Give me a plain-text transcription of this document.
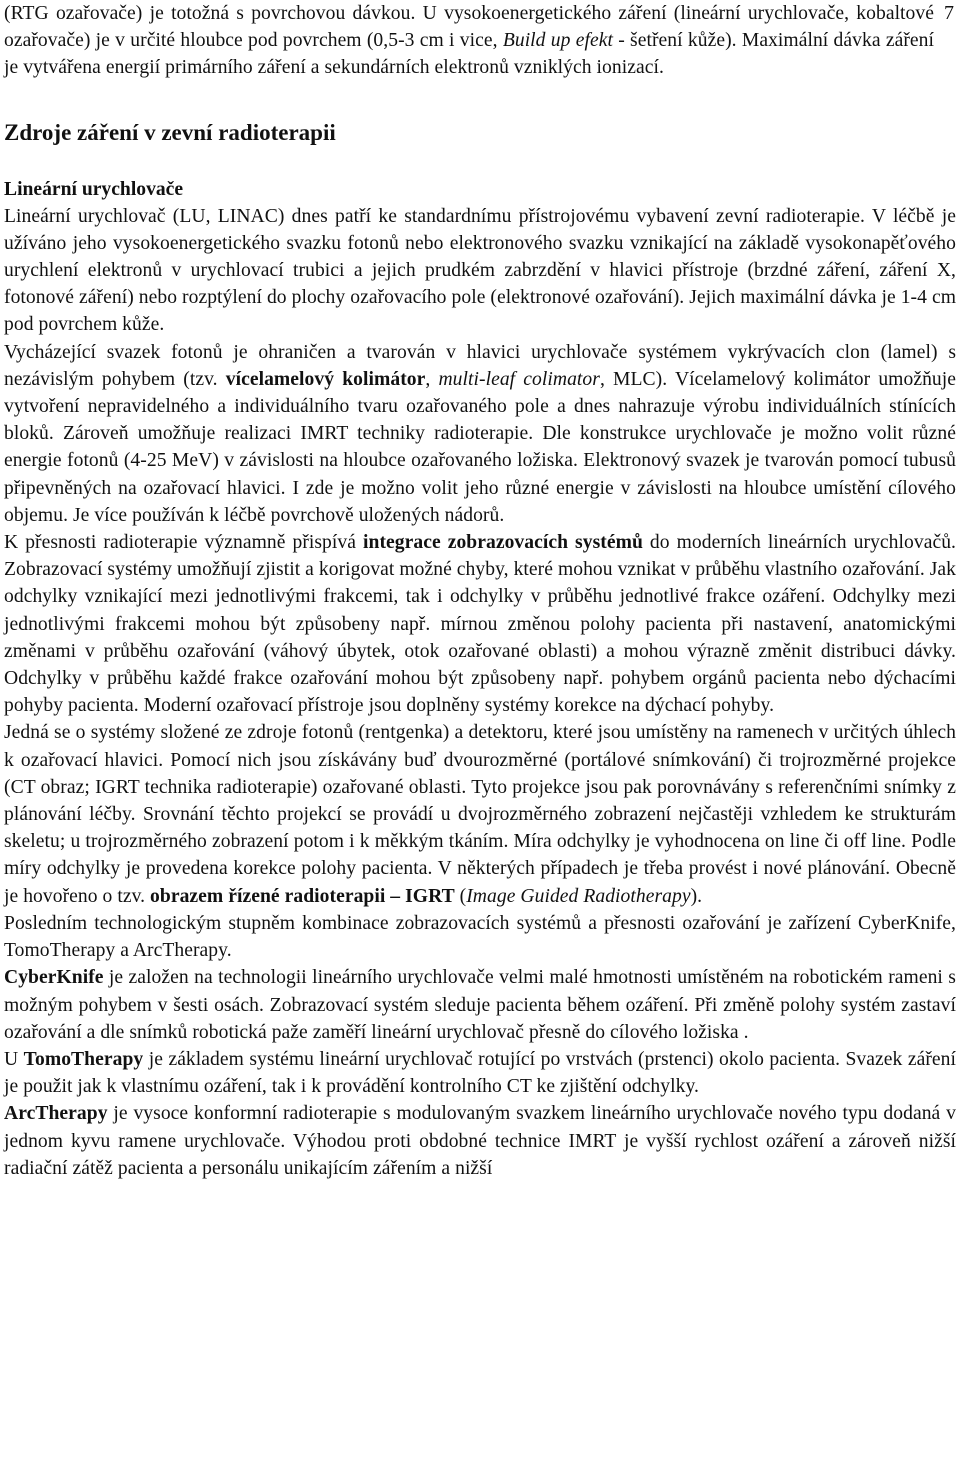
7

(RTG ozařovače) je totožná s povrchovou dávkou. U vysokoenergetického záření (lineární urychlovače, kobaltové ozařovače) je v určité hloubce pod povrchem (0,5-3 cm i vice, Build up efekt - šetření kůže). Maximální dávka záření je vytvářena energií primárního záření a sekundárních elektronů vzniklých ionizací.

Zdroje záření v zevní radioterapii
Lineární urychlovače

Lineární urychlovač (LU, LINAC) dnes patří ke standardnímu přístrojovému vybavení zevní radioterapie. V léčbě je užíváno jeho vysokoenergetického svazku fotonů nebo elektronového svazku vznikající na základě vysokonapěťového urychlení elektronů v urychlovací trubici a jejich prudkém zabrzdění v hlavici přístroje (brzdné záření, záření X, fotonové záření) nebo rozptýlení do plochy ozařovacího pole (elektronové ozařování). Jejich maximální dávka je 1-4 cm pod povrchem kůže.

Vycházející svazek fotonů je ohraničen a tvarován v hlavici urychlovače systémem vykrývacích clon (lamel) s nezávislým pohybem (tzv. vícelamelový kolimátor, multi-leaf colimator, MLC). Vícelamelový kolimátor umožňuje vytvoření nepravidelného a individuálního tvaru ozařovaného pole a dnes nahrazuje výrobu individuálních stínících bloků. Zároveň umožňuje realizaci IMRT techniky radioterapie. Dle konstrukce urychlovače je možno volit různé energie fotonů (4-25 MeV) v závislosti na hloubce ozařovaného ložiska. Elektronový svazek je tvarován pomocí tubusů připevněných na ozařovací hlavici. I zde je možno volit jeho různé energie v závislosti na hloubce umístění cílového objemu. Je více používán k léčbě povrchově uložených nádorů.

K přesnosti radioterapie významně přispívá integrace zobrazovacích systémů do moderních lineárních urychlovačů. Zobrazovací systémy umožňují zjistit a korigovat možné chyby, které mohou vznikat v průběhu vlastního ozařování. Jak odchylky vznikající mezi jednotlivými frakcemi, tak i odchylky v průběhu jednotlivé frakce ozáření. Odchylky mezi jednotlivými frakcemi mohou být způsobeny např. mírnou změnou polohy pacienta při nastavení, anatomickými změnami v průběhu ozařování (váhový úbytek, otok ozařované oblasti) a mohou výrazně změnit distribuci dávky. Odchylky v průběhu každé frakce ozařování mohou být způsobeny např. pohybem orgánů pacienta nebo dýchacími pohyby pacienta. Moderní ozařovací přístroje jsou doplněny systémy korekce na dýchací pohyby.

Jedná se o systémy složené ze zdroje fotonů (rentgenka) a detektoru, které jsou umístěny na ramenech v určitých úhlech k ozařovací hlavici. Pomocí nich jsou získávány buď dvourozměrné (portálové snímkování) či trojrozměrné projekce (CT obraz; IGRT technika radioterapie) ozařované oblasti. Tyto projekce jsou pak porovnávány s referenčními snímky z plánování léčby. Srovnání těchto projekcí se provádí u dvojrozměrného zobrazení nejčastěji vzhledem ke strukturám skeletu; u trojrozměrného zobrazení potom i k měkkým tkáním. Míra odchylky je vyhodnocena on line či off line. Podle míry odchylky je provedena korekce polohy pacienta. V některých případech je třeba provést i nové plánování. Obecně je hovořeno o tzv. obrazem řízené radioterapii – IGRT (Image Guided Radiotherapy).

Posledním technologickým stupněm kombinace zobrazovacích systémů a přesnosti ozařování je zařízení CyberKnife, TomoTherapy a ArcTherapy.

CyberKnife je založen na technologii lineárního urychlovače velmi malé hmotnosti umístěném na robotickém rameni s možným pohybem v šesti osách. Zobrazovací systém sleduje pacienta během ozáření. Při změně polohy systém zastaví ozařování a dle snímků robotická paže zaměří lineární urychlovač přesně do cílového ložiska .

U TomoTherapy je základem systému lineární urychlovač rotující po vrstvách (prstenci) okolo pacienta. Svazek záření je použit jak k vlastnímu ozáření, tak i k provádění kontrolního CT ke zjištění odchylky.

ArcTherapy je vysoce konformní radioterapie s modulovaným svazkem lineárního urychlovače nového typu dodaná v jednom kyvu ramene urychlovače. Výhodou proti obdobné technice IMRT je vyšší rychlost ozáření a zároveň nižší radiační zátěž pacienta a personálu unikajícím zářením a nižší
